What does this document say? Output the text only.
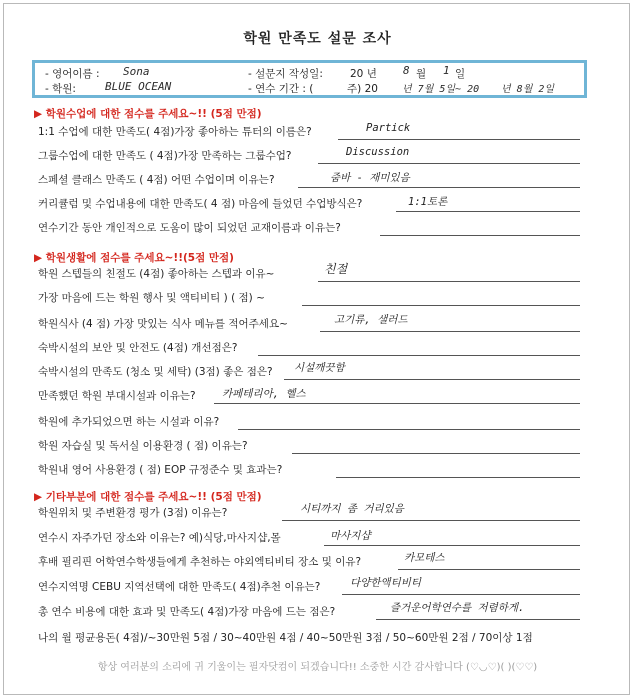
학원 만족도 설문 조사
- 영어이름 : Sona	- 설문지 작성일:	20 년 8 월 1 일
- 학원:	BLUE OCEAN	- 연수 기간 : (	주) 20 년 7월 5일~ 20 년 8월 2일
▶ 학원수업에 대한 점수를 주세요~!! (5점 만점)
1:1 수업에 대한 만족도( 4점)가장 좋아하는 튜터의 이름은?	Partick
그룹수업에 대한 만족도 ( 4점)가장 만족하는 그룹수업?	Discussion
스페셜 클래스 만족도 ( 4점) 어떤 수업이며 이유는?	줌바 - 재미있음
커리큘럼 및 수업내용에 대한 만족도( 4 점) 마음에 들었던 수업방식은?	1:1토론
연수기간 동안 개인적으로 도움이 많이 되었던 교재이름과 이유는?
▶ 학원생활에 점수를 주세요~!!(5점 만점)
학원 스텝들의 친절도 (4점) 좋아하는 스텝과 이유~	친절
가장 마음에 드는 학원 행사 및 액티비티 ) ( 점) ~
학원식사 (4 점) 가장 맛있는 식사 메뉴를 적어주세요~	고기류, 샐러드
숙박시설의 보안 및 안전도 (4점) 개선점은?
숙박시설의 만족도 (청소 및 세탁) (3점) 좋은 점은? 시설깨끗함
만족했던 학원 부대시설과 이유는?	카페테리아, 헬스
학원에 추가되었으면 하는 시설과 이유?
학원 자습실 및 독서실 이용환경 ( 점) 이유는?
학원내 영어 사용환경 ( 점) EOP 규정준수 및 효과는?
▶ 기타부분에 대한 점수를 주세요~!! (5점 만점)
학원위치 및 주변환경 평가 (3점) 이유는?	시티까지 좀 거리있음
연수시 자주가던 장소와 이유는? 예)식당,마사지샵,몰	마사지샵
후배 필리핀 어학연수학생들에게 추천하는 야외엑티비티 장소 및 이유?	카모테스
연수지역명 CEBU 지역선택에 대한 만족도( 4점)추천 이유는?	다양한액티비티
총 연수 비용에 대한 효과 및 만족도( 4점)가장 마음에 드는 점은?	즐거운어학연수를 저렴하게.
나의 월 평균용돈( 4점)/~30만원 5점 / 30~40만원 4점 / 40~50만원 3점 / 50~60만원 2점 / 70이상 1점
항상 여러분의 소리에 귀 기울이는 필자닷컴이 되겠습니다!! 소중한 시간 감사합니다 (♡◡♡)( )(♡♡)
